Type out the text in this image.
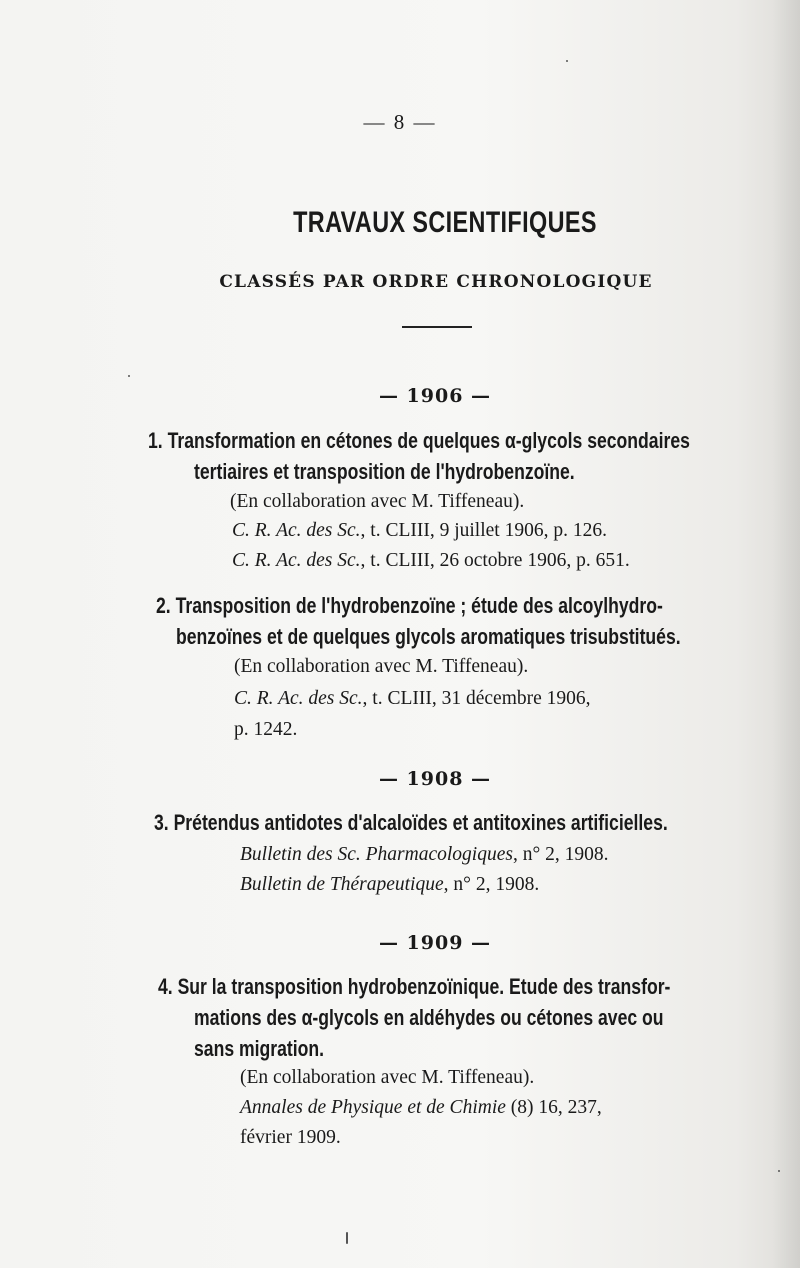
— 8 —
TRAVAUX SCIENTIFIQUES
CLASSÉS PAR ORDRE CHRONOLOGIQUE
— 1906 —
1. Transformation en cétones de quelques α-glycols secondaires
tertiaires et transposition de l'hydrobenzoïne.
(En collaboration avec M. Tiffeneau).
C. R. Ac. des Sc., t. CLIII, 9 juillet 1906, p. 126.
C. R. Ac. des Sc., t. CLIII, 26 octobre 1906, p. 651.
2. Transposition de l'hydrobenzoïne ; étude des alcoylhydro-
benzoïnes et de quelques glycols aromatiques trisubstitués.
(En collaboration avec M. Tiffeneau).
C. R. Ac. des Sc., t. CLIII, 31 décembre 1906,
p. 1242.
— 1908 —
3. Prétendus antidotes d'alcaloïdes et antitoxines artificielles.
Bulletin des Sc. Pharmacologiques, n° 2, 1908.
Bulletin de Thérapeutique, n° 2, 1908.
— 1909 —
4. Sur la transposition hydrobenzoïnique. Etude des transfor-
mations des α-glycols en aldéhydes ou cétones avec ou
sans migration.
(En collaboration avec M. Tiffeneau).
Annales de Physique et de Chimie (8) 16, 237,
février 1909.
